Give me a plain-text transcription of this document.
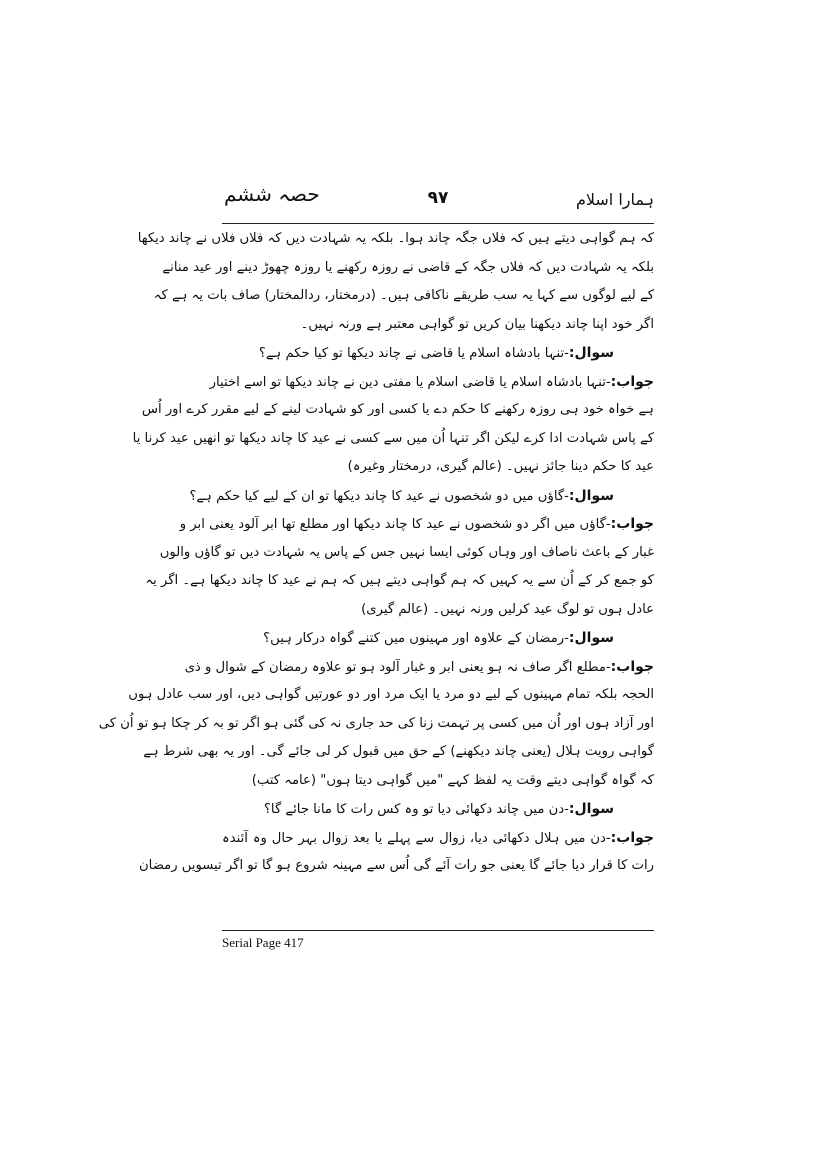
حصہ ششم	۹۷	ہمارا اسلام
کہ ہم گواہی دیتے ہیں کہ فلاں جگہ چاند ہوا۔ بلکہ یہ شہادت دیں کہ فلاں فلاں نے چاند دیکھا
بلکہ یہ شہادت دیں کہ فلاں جگہ کے قاضی نے روزہ رکھنے یا روزہ چھوڑ دینے اور عید منانے
کے لیے لوگوں سے کہا یہ سب طریقے ناکافی ہیں۔ (درمختار، ردالمختار) صاف بات یہ ہے کہ
اگر خود اپنا چاند دیکھنا بیان کریں تو گواہی معتبر ہے ورنہ نہیں۔
سوال:-تنہا بادشاہ اسلام یا قاضی نے چاند دیکھا تو کیا حکم ہے؟
جواب:-تنہا بادشاہ اسلام یا قاضی اسلام یا مفتی دین نے چاند دیکھا تو اسے اختیار
ہے خواہ خود ہی روزہ رکھنے کا حکم دے یا کسی اور کو شہادت لینے کے لیے مقرر کرے اور اُس
کے پاس شہادت ادا کرے لیکن اگر تنہا اُن میں سے کسی نے عید کا چاند دیکھا تو انھیں عید کرنا یا
عید کا حکم دینا جائز نہیں۔ (عالم گیری، درمختار وغیرہ)
سوال:-گاؤں میں دو شخصوں نے عید کا چاند دیکھا تو ان کے لیے کیا حکم ہے؟
جواب:-گاؤں میں اگر دو شخصوں نے عید کا چاند دیکھا اور مطلع تھا ابر آلود یعنی ابر و
غبار کے باعث ناصاف اور وہاں کوئی ایسا نہیں جس کے پاس یہ شہادت دیں تو گاؤں والوں
کو جمع کر کے اُن سے یہ کہیں کہ ہم گواہی دیتے ہیں کہ ہم نے عید کا چاند دیکھا ہے۔ اگر یہ
عادل ہوں تو لوگ عید کرلیں ورنہ نہیں۔ (عالم گیری)
سوال:-رمضان کے علاوہ اور مہینوں میں کتنے گواہ درکار ہیں؟
جواب:-مطلع اگر صاف نہ ہو یعنی ابر و غبار آلود ہو تو علاوہ رمضان کے شوال و ذی
الحجہ بلکہ تمام مہینوں کے لیے دو مرد یا ایک مرد اور دو عورتیں گواہی دیں، اور سب عادل ہوں
اور آزاد ہوں اور اُن میں کسی پر تہمت زنا کی حد جاری نہ کی گئی ہو اگر تو بہ کر چکا ہو تو اُن کی
گواہی رویت ہلال (یعنی چاند دیکھنے) کے حق میں قبول کر لی جائے گی۔ اور یہ بھی شرط ہے
کہ گواہ گواہی دیتے وقت یہ لفظ کہے "میں گواہی دیتا ہوں" (عامہ کتب)
سوال:-دن میں چاند دکھائی دیا تو وہ کس رات کا مانا جائے گا؟
جواب:-دن میں ہلال دکھائی دیا، زوال سے پہلے یا بعد زوال بہر حال وہ آئندہ
رات کا قرار دیا جائے گا یعنی جو رات آئے گی اُس سے مہینہ شروع ہو گا تو اگر تیسویں رمضان
Serial Page 417
